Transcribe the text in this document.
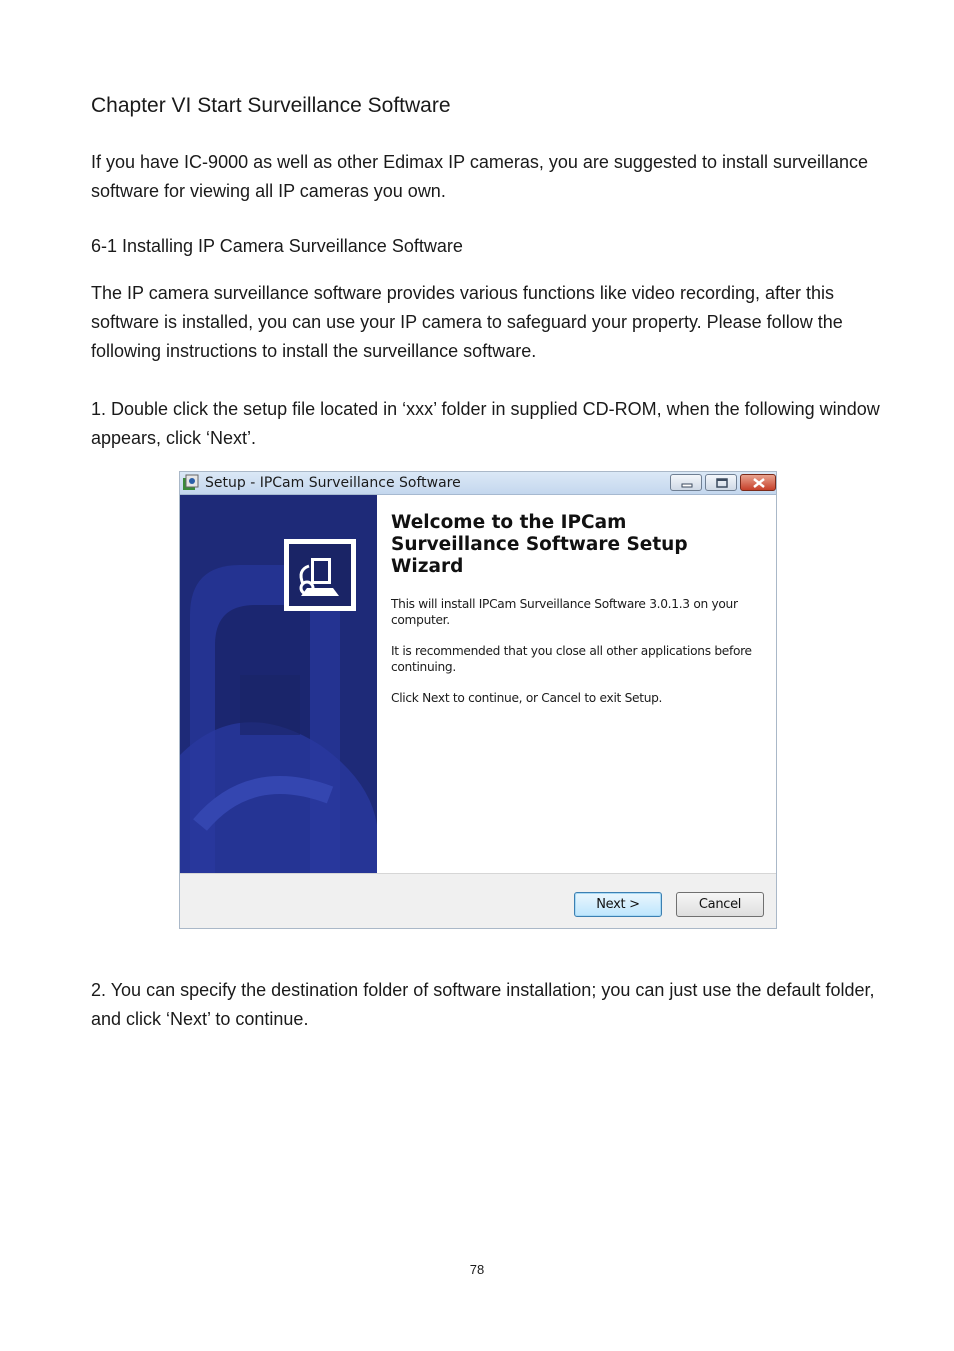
Chapter VI Start Surveillance Software

If you have IC-9000 as well as other Edimax IP cameras, you are suggested to install surveillance software for viewing all IP cameras you own.

6-1 Installing IP Camera Surveillance Software

The IP camera surveillance software provides various functions like video recording, after this software is installed, you can use your IP camera to safeguard your property. Please follow the following instructions to install the surveillance software.

1. Double click the setup file located in ‘xxx’ folder in supplied CD-ROM, when the following window appears, click ‘Next’.

Setup - IPCam Surveillance Software

Welcome to the IPCam Surveillance Software Setup Wizard

This will install IPCam Surveillance Software 3.0.1.3 on your computer.

It is recommended that you close all other applications before continuing.

Click Next to continue, or Cancel to exit Setup.

Next >	Cancel

2. You can specify the destination folder of software installation; you can just use the default folder, and click ‘Next’ to continue.

78
